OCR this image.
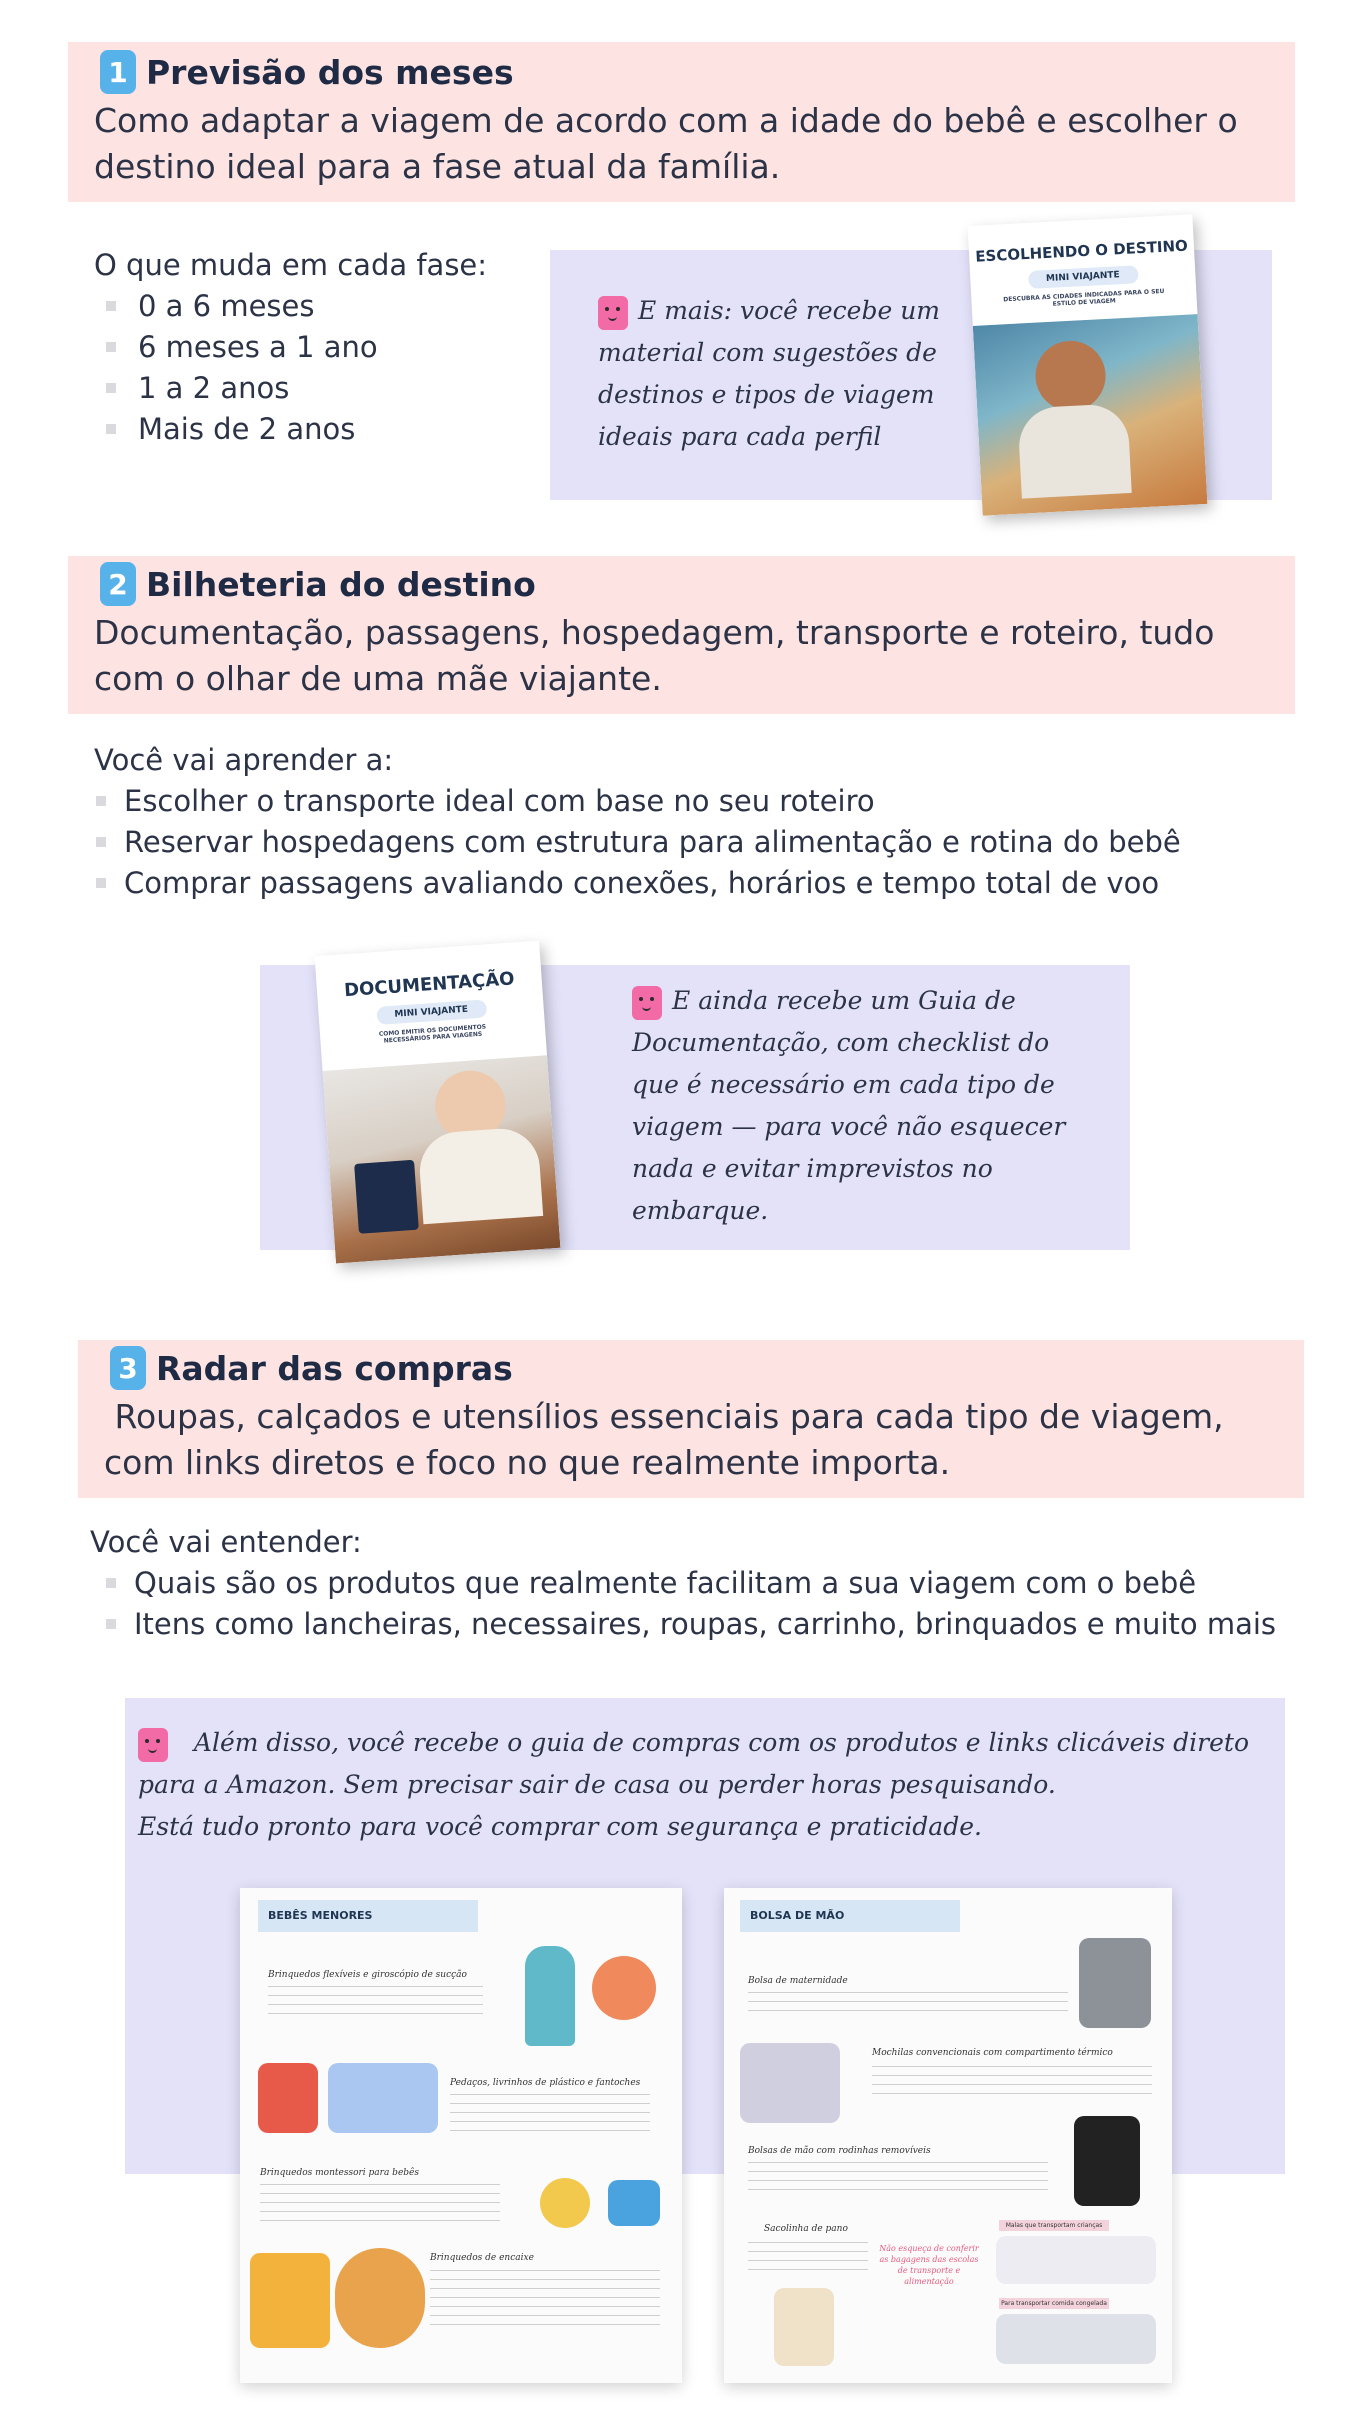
1 Previsão dos meses
Como adaptar a viagem de acordo com a idade do bebê e escolher o destino ideal para a fase atual da família.
O que muda em cada fase:
0 a 6 meses
6 meses a 1 ano
1 a 2 anos
Mais de 2 anos
E mais: você recebe um material com sugestões de destinos e tipos de viagem ideais para cada perfil
ESCOLHENDO O DESTINO
MINI VIAJANTE
DESCUBRA AS CIDADES INDICADAS PARA O SEU ESTILO DE VIAGEM
2 Bilheteria do destino
Documentação, passagens, hospedagem, transporte e roteiro, tudo com o olhar de uma mãe viajante.
Você vai aprender a:
Escolher o transporte ideal com base no seu roteiro
Reservar hospedagens com estrutura para alimentação e rotina do bebê
Comprar passagens avaliando conexões, horários e tempo total de voo
DOCUMENTAÇÃO
MINI VIAJANTE
COMO EMITIR OS DOCUMENTOS NECESSÁRIOS PARA VIAGENS
E ainda recebe um Guia de Documentação, com checklist do que é necessário em cada tipo de viagem — para você não esquecer nada e evitar imprevistos no embarque.
3 Radar das compras
Roupas, calçados e utensílios essenciais para cada tipo de viagem, com links diretos e foco no que realmente importa.
Você vai entender:
Quais são os produtos que realmente facilitam a sua viagem com o bebê
Itens como lancheiras, necessaires, roupas, carrinho, brinquados e muito mais
Além disso, você recebe o guia de compras com os produtos e links clicáveis direto para a Amazon. Sem precisar sair de casa ou perder horas pesquisando.
Está tudo pronto para você comprar com segurança e praticidade.
BEBÊS MENORES
Brinquedos flexíveis e giroscópio de sucção
Pedaços, livrinhos de plástico e fantoches
Brinquedos montessori para bebês
Brinquedos de encaixe
BOLSA DE MÃO
Bolsa de maternidade
Mochilas convencionais com compartimento térmico
Bolsas de mão com rodinhas removíveis
Sacolinha de pano
Não esqueça de conferir as bagagens das escolas de transporte e alimentação
Malas que transportam crianças
Para transportar comida congelada
